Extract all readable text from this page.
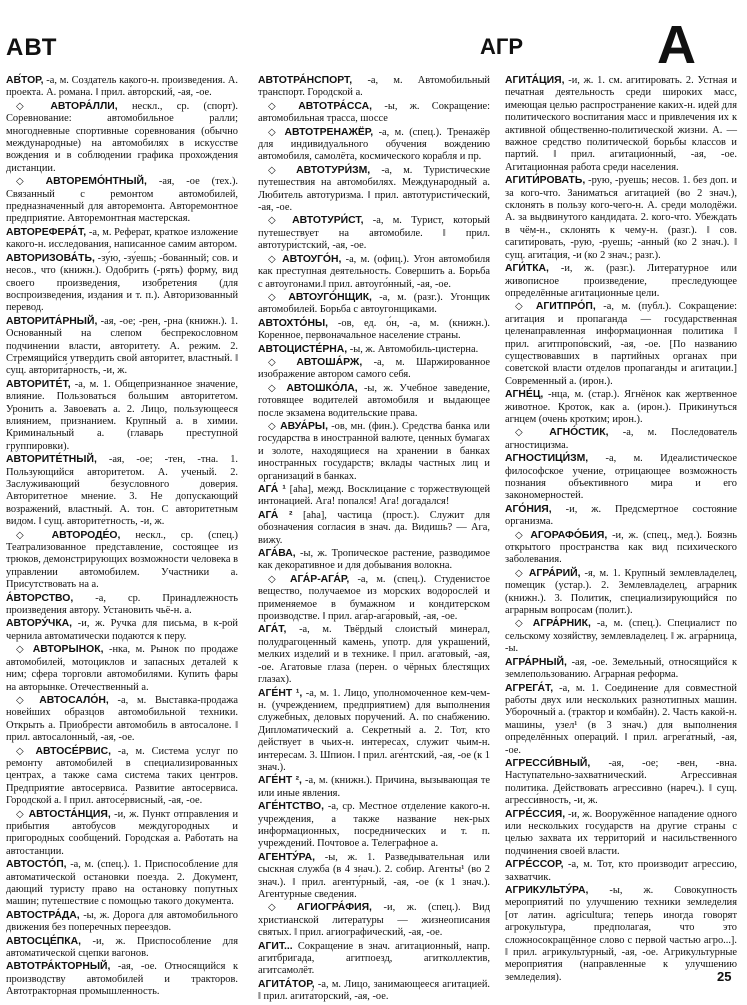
АВТ	АГР А
АВ́ТОР, -а, м. Создатель какого-н. произведения. А. проекта. А. романа. ‖ прил. а́вторский, -ая, -ое.
◇ АВТОРА́ЛЛИ, нескл., ср. (спорт). Соревнование: автомобильное ралли; многодневные спортивные соревнования (обычно международные) на автомобилях в искусстве вождения и в соблюдении графика прохождения дистанции.
◇ АВТОРЕМО́НТНЫЙ, -ая, -ое (тех.). Связанный с ремонтом автомобилей, предназначенный для авторемонта. Авторемонтное предприятие. Авторемонтная мастерская.
АВТОРЕФЕРА́Т, -а, м. Реферат, краткое изложение какого-н. исследования, написанное самим автором.
АВТОРИЗОВА́ТЬ, -зу́ю, -зу́ешь; -бованный; сов. и несов., что (книжн.). Одобрить (-рять) форму, вид своего произведения, изобретения (для воспроизведения, издания и т. п.). Авторизованный перевод.
АВТОРИТА́РНЫЙ, -ая, -ое; -рен, -рна (книжн.). 1. Основанный на слепом беспрекословном подчинении власти, авторитету. А. режим. 2. Стремящийся утвердить свой авторитет, властный. ‖ сущ. авторита́рность, -и, ж.
АВТОРИТЕ́Т, -а, м. 1. Общепризнанное значение, влияние. Пользоваться большим авторитетом. Уронить а. Завоевать а. 2. Лицо, пользующееся влиянием, признанием. Крупный а. в химии. Криминальный а. (главарь преступной группировки).
АВТОРИТЕ́ТНЫЙ, -ая, -ое; -тен, -тна. 1. Пользующийся авторитетом. А. ученый. 2. Заслуживающий безусловного доверия. Авторитетное мнение. 3. Не допускающий возражений, властный. А. тон. С авторитетным видом. ‖ сущ. авторите́тность, -и, ж.
◇ АВТОРОДЕ́О, нескл., ср. (спец.) Театрализованное представление, состоящее из трюков, демонстрирующих возможности человека в управлении автомобилем. Участники а. Присутствовать на а.
А́ВТОРСТВО, -а, ср. Принадлежность произведения автору. Установить чьё-н. а.
АВТОРУ́ЧКА, -и, ж. Ручка для письма, в к-рой чернила автоматически подаются к перу.
◇ АВТОРЫНОК, -нка, м. Рынок по продаже автомобилей, мотоциклов и запасных деталей к ним; сфера торговли автомобилями. Купить фары на авторынке. Отечественный а.
◇ АВТОСАЛО́Н, -а, м. Выставка-продажа новейших образцов автомобильной техники. Открыть а. Приобрести автомобиль в автосалоне. ‖ прил. автосало́нный, -ая, -ое.
◇ АВТОСЕ́РВИС, -а, м. Система услуг по ремонту автомобилей в специализированных центрах, а также сама система таких центров. Предприятие автосервиса. Развитие автосервиса. Городской а. ‖ прил. автосе́рвисный, -ая, -ое.
◇ АВТОСТА́НЦИЯ, -и, ж. Пункт отправления и прибытия автобусов междугородных и пригородных сообщений. Городская а. Работать на автостанции.
АВТОСТО́П, -а, м. (спец.). 1. Приспособление для автоматической остановки поезда. 2. Документ, дающий туристу право на остановку попутных машин; путешествие с помощью такого документа.
АВТОСТРА́ДА, -ы, ж. Дорога для автомобильного движения без поперечных переездов.
АВТОСЦЕ́ПКА, -и, ж. Приспособление для автоматической сцепки вагонов.
АВТОТРА́КТОРНЫЙ, -ая, -ое. Относящийся к производству автомобилей и тракторов. Автотракторная промышленность.
АВТОТРА́НСПОРТ, -а, м. Автомобильный транспорт. Городской а.
◇ АВТОТРА́ССА, -ы, ж. Сокращение: автомобильная трасса, шоссе
◇ АВТОТРЕНАЖЁР, -а, м. (спец.). Тренажёр для индивидуального обучения вождению автомобиля, самолёта, космического корабля и пр.
◇ АВТОТУРИ́ЗМ, -а, м. Туристические путешествия на автомобилях. Международный а. Любитель автотуризма. ‖ прил. автотуристи́ческий, -ая, -ое.
◇ АВТОТУРИ́СТ, -а, м. Турист, который путешествует на автомобиле. ‖ прил. автотури́стский, -ая, -ое.
◇ АВТОУГО́Н, -а, м. (офиц.). Угон автомобиля как преступная деятельность. Совершить а. Борьба с автоугонами.‖ прил. автоуго́нный, -ая, -ое.
◇ АВТОУГО́НЩИК, -а, м. (разг.). Угонщик автомобилей. Борьба с автоугонщиками.
АВТОХТО́НЫ, -ов, ед. о́н, -а, м. (книжн.). Коренное, первоначальное население страны.
АВТОЦИСТЕ́РНА, -ы, ж. Автомобиль-цистерна.
◇ АВТОША́РЖ, -а, м. Шаржированное изображение автором самого себя.
◇ АВТОШКО́ЛА, -ы, ж. Учебное заведение, готовящее водителей автомобиля и выдающее после экзамена водительские права.
◇ АВУА́РЫ, -ов, мн. (фин.). Средства банка или государства в иностранной валюте, ценных бумагах и золоте, находящиеся на хранении в банках иностранных государств; вклады частных лиц и организаций в банках.
АГА́ ¹ [aha], межд. Восклицание с торжествующей интонацией. Ага! попался! Ага! догадался!
АГА́ ² [aha], частица (прост.). Служит для обозначения согласия в знач. да. Видишь? — Ага, вижу.
АГА́ВА, -ы, ж. Тропическое растение, разводимое как декоративное и для добывания волокна.
◇ АГА́Р-АГА́Р, -а, м. (спец.). Студенистое вещество, получаемое из морских водорослей и применяемое в бумажном и кондитерском производстве. ‖ прил. ага́р-ага́ровый, -ая, -ое.
АГА́Т, -а, м. Твёрдый слоистый минерал, полудрагоценный камень, употр. для украшений, мелких изделий и в технике. ‖ прил. ага́товый, -ая, -ое. Агатовые глаза (перен. о чёрных блестящих глазах).
АГЕ́НТ ¹, -а, м. 1. Лицо, уполномоченное кем-чем-н. (учреждением, предприятием) для выполнения служебных, деловых поручений. А. по снабжению. Дипломатический а. Секретный а. 2. Тот, кто действует в чьих-н. интересах, служит чьим-н. интересам. 3. Шпион. ‖ прил. аге́нтский, -ая, -ое (к 1 знач.).
АГЕ́НТ ², -а, м. (книжн.). Причина, вызывающая те или иные явления.
АГЕ́НТСТВО, -а, ср. Местное отделение какого-н. учреждения, а также название нек-рых информационных, посреднических и т. п. учреждений. Почтовое а. Телеграфное а.
АГЕНТУ́РА, -ы, ж. 1. Разведывательная или сыскная служба (в 4 знач.). 2. собир. Агенты¹ (во 2 знач.). ‖ прил. агенту́рный, -ая, -ое (к 1 знач.). Агентурные сведения.
◇ АГИОГРА́ФИЯ, -и, ж. (спец.). Вид христианской литературы — жизнеописания святых. ‖ прил. агиографи́ческий, -ая, -ое.
АГИТ... Сокращение в знач. агитационный, напр. агитбригада, агитпоезд, агитколлектив, агитсамолёт.
АГИТА́ТОР, -а, м. Лицо, занимающееся агитацией. ‖ прил. агита́торский, -ая, -ое.
АГИТА́ЦИЯ, -и, ж. 1. см. агитировать. 2. Устная и печатная деятельность среди широких масс, имеющая целью распространение каких-н. идей для политического воспитания масс и привлечения их к активной общественно-политической жизни. А. — важное средство политической борьбы классов и партий. ‖ прил. агитацио́нный, -ая, -ое. Агитационная работа среди населения.
АГИТИ́РОВАТЬ, -рую, -руешь; несов. 1. без доп. и за кого-что. Заниматься агитацией (во 2 знач.), склонять в пользу кого-чего-н. А. среди молодёжи. А. за выдвинутого кандидата. 2. кого-что. Убеждать в чём-н., склонять к чему-н. (разг.). ‖ сов. сагити́ровать, -рую, -руешь; -анный (ко 2 знач.). ‖ сущ. агита́ция, -и (ко 2 знач.; разг.).
АГИ́ТКА, -и, ж. (разг.). Литературное или живописное произведение, преследующее определённые агитационные цели.
◇ АГИТПРО́П, -а, м. (публ.). Сокращение: агитация и пропаганда — государственная целенаправленная информационная политика ‖ прил. агитпропо́вский, -ая, -ое. [По названию существовавших в партийных органах при советской власти отделов пропаганды и агитации.] Современный а. (ирон.).
АГНЕ́Ц, -нца, м. (стар.). Ягнёнок как жертвенное животное. Кроток, как а. (ирон.). Прикинуться агнцем (очень кротким; ирон.).
◇ АГНО́СТИК, -а, м. Последователь агностицизма.
АГНОСТИЦИ́ЗМ, -а, м. Идеалистическое философское учение, отрицающее возможность познания объективного мира и его закономерностей.
АГО́НИЯ, -и, ж. Предсмертное состояние организма.
◇ АГОРАФО́БИЯ, -и, ж. (спец., мед.). Боязнь открытого пространства как вид психического заболевания.
◇ АГРА́РИЙ, -я, м. 1. Крупный землевладелец, помещик (устар.). 2. Землевладелец, аграрник (книжн.). 3. Политик, специализирующийся по аграрным вопросам (полит.).
◇ АГРА́РНИК, -а, м. (спец.). Специалист по сельскому хозяйству, землевладелец. ‖ ж. агра́рница, -ы.
АГРА́РНЫЙ, -ая, -ое. Земельный, относящийся к землепользованию. Аграрная реформа.
АГРЕГА́Т, -а, м. 1. Соединение для совместной работы двух или нескольких разнотипных машин. Уборочный а. (трактор и комбайн). 2. Часть какой-н. машины, узел¹ (в 3 знач.) для выполнения определённых операций. ‖ прил. агрега́тный, -ая, -ое.
АГРЕССИ́ВНЫЙ, -ая, -ое; -вен, -вна. Наступательно-захватнический. Агрессивная политика. Действовать агрессивно (нареч.). ‖ сущ. агресси́вность, -и, ж.
АГРЕ́ССИЯ, -и, ж. Вооружённое нападение одного или нескольких государств на другие страны с целью захвата их территорий и насильственного подчинения своей власти.
АГРЕ́ССОР, -а, м. Тот, кто производит агрессию, захватчик.
АГРИКУЛЬТУ́РА, -ы, ж. Совокупность мероприятий по улучшению техники земледелия [от латин. agricultura; теперь иногда говорят агрокультура, предполагая, что это сложносокращённое слово с первой частью агро...]. ‖ прил. агрикульту́рный, -ая, -ое. Агрикультурные мероприятия (направленные к улучшению земледелия).	25
